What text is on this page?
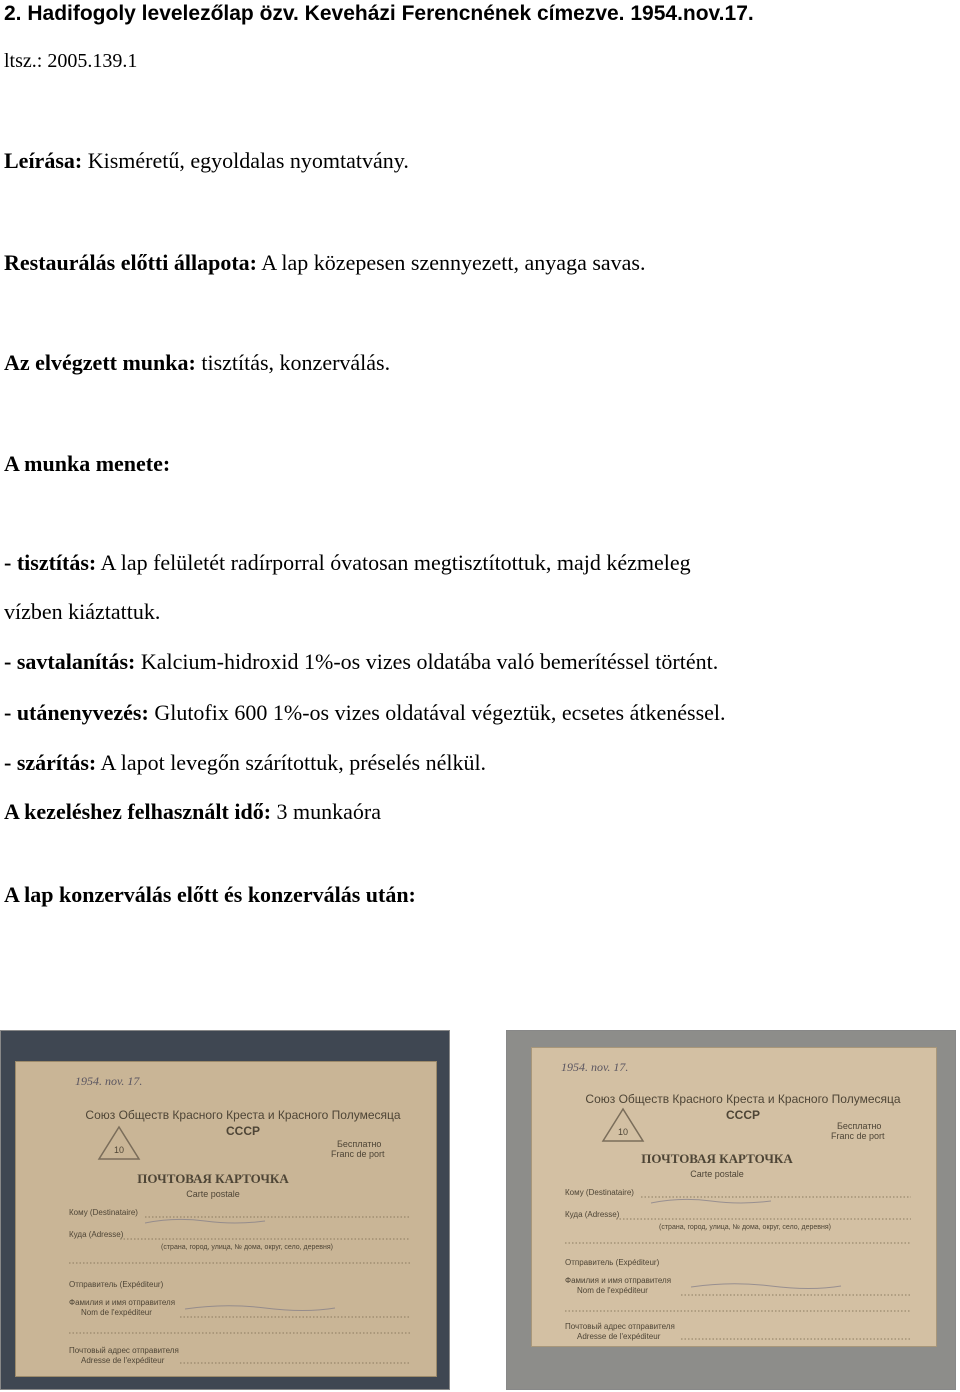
2. Hadifogoly levelezőlap özv. Keveházi Ferencnének címezve. 1954.nov.17.
ltsz.: 2005.139.1
Leírása: Kisméretű, egyoldalas nyomtatvány.
Restaurálás előtti állapota: A lap közepesen szennyezett, anyaga savas.
Az elvégzett munka: tisztítás, konzerválás.
A munka menete:
- tisztítás: A lap felületét radírporral óvatosan megtisztítottuk, majd kézmeleg
vízben kiáztattuk.
- savtalanítás: Kalcium-hidroxid 1%-os vizes oldatába való bemerítéssel történt.
- utánenyvezés: Glutofix 600 1%-os vizes oldatával végeztük, ecsetes átkenéssel.
- szárítás: A lapot levegőn szárítottuk, préselés nélkül.
A kezeléshez felhasznált idő: 3 munkaóra
A lap konzerválás előtt és konzerválás után:
1954. nov. 17.
Союз Обществ Красного Креста и Красного Полумесяца
СССР
10
Бесплатно
Franc de port
ПОЧТОВАЯ КАРТОЧКА
Carte postale
Кому (Destinataire)
Куда (Adresse)
(страна, город, улица, № дома, округ, село, деревня)
Отправитель (Expéditeur)
Фамилия и имя отправителя
Nom de l'expéditeur
Почтовый адрес отправителя
Adresse de l'expéditeur
1954. nov. 17.
Союз Обществ Красного Креста и Красного Полумесяца
СССР
10
Бесплатно
Franc de port
ПОЧТОВАЯ КАРТОЧКА
Carte postale
Кому (Destinataire)
Куда (Adresse)
(страна, город, улица, № дома, округ, село, деревня)
Отправитель (Expéditeur)
Фамилия и имя отправителя
Nom de l'expéditeur
Почтовый адрес отправителя
Adresse de l'expéditeur
